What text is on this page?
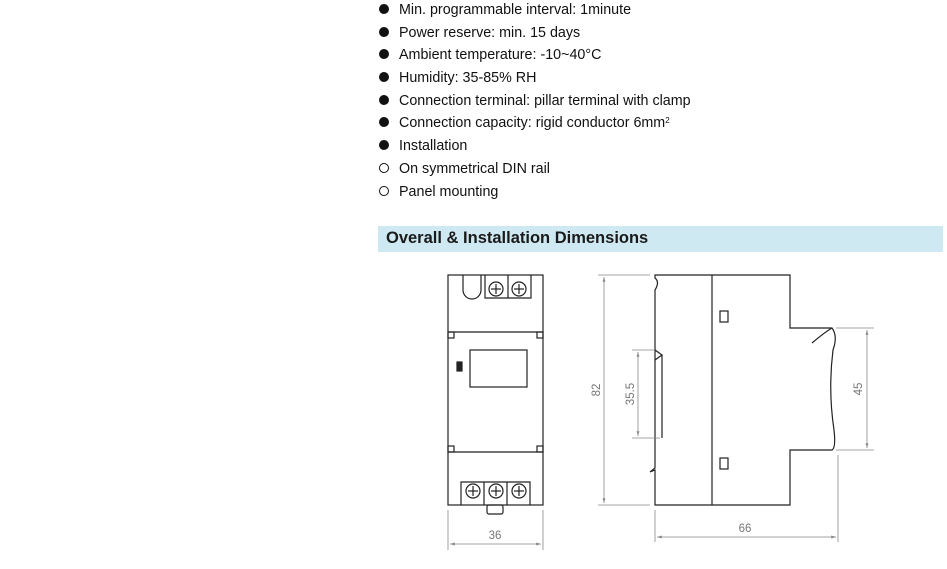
Min. programmable interval: 1minute
Power reserve: min. 15 days
Ambient temperature: -10~40°C
Humidity: 35-85% RH
Connection terminal: pillar terminal with clamp
Connection capacity: rigid conductor $6mm^2$
Installation
On symmetrical DIN rail
Panel mounting
Overall & Installation Dimensions
36
82 35.5	45
66
